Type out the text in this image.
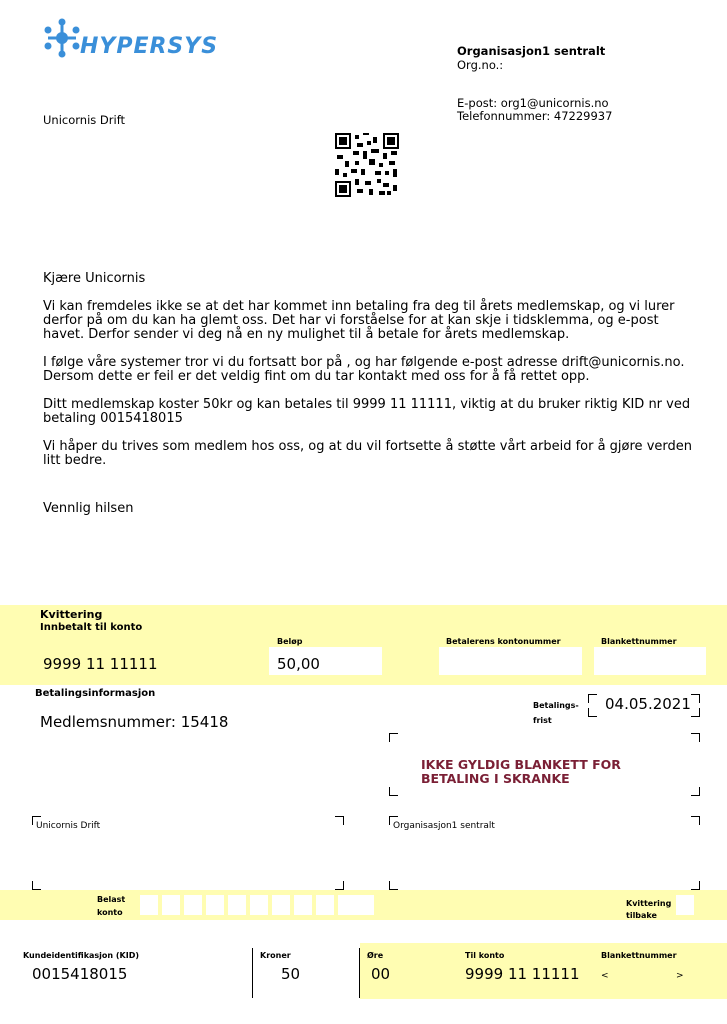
HYPERSYS	Organisasjon1 sentralt
Org.no.:
E-post: org1@unicornis.no
Telefonnummer: 47229937
Unicornis Drift

Kjære Unicornis

Vi kan fremdeles ikke se at det har kommet inn betaling fra deg til årets medlemskap, og vi lurer derfor på om du kan ha glemt oss. Det har vi forståelse for at kan skje i tidsklemma, og e-post havet. Derfor sender vi deg nå en ny mulighet til å betale for årets medlemskap.

I følge våre systemer tror vi du fortsatt bor på , og har følgende e-post adresse drift@unicornis.no. Dersom dette er feil er det veldig fint om du tar kontakt med oss for å få rettet opp.

Ditt medlemskap koster 50kr og kan betales til 9999 11 11111, viktig at du bruker riktig KID nr ved betaling 0015418015

Vi håper du trives som medlem hos oss, og at du vil fortsette å støtte vårt arbeid for å gjøre verden litt bedre.

Vennlig hilsen

Kvittering
Innbetalt til konto
9999 11 11111
Beløp
50,00
Betalerens kontonummer	Blankettnummer
Betalingsinformasjon
Medlemsnummer: 15418
Betalings-
frist
04.05.2021
IKKE GYLDIG BLANKETT FOR
BETALING I SKRANKE
Unicornis Drift	Organisasjon1 sentralt
Belast
konto
Kvittering
tilbake
Kundeidentifikasjon (KID)
0015418015
Kroner
50
Øre
00
Til konto
9999 11 11111
Blankettnummer
<	>
